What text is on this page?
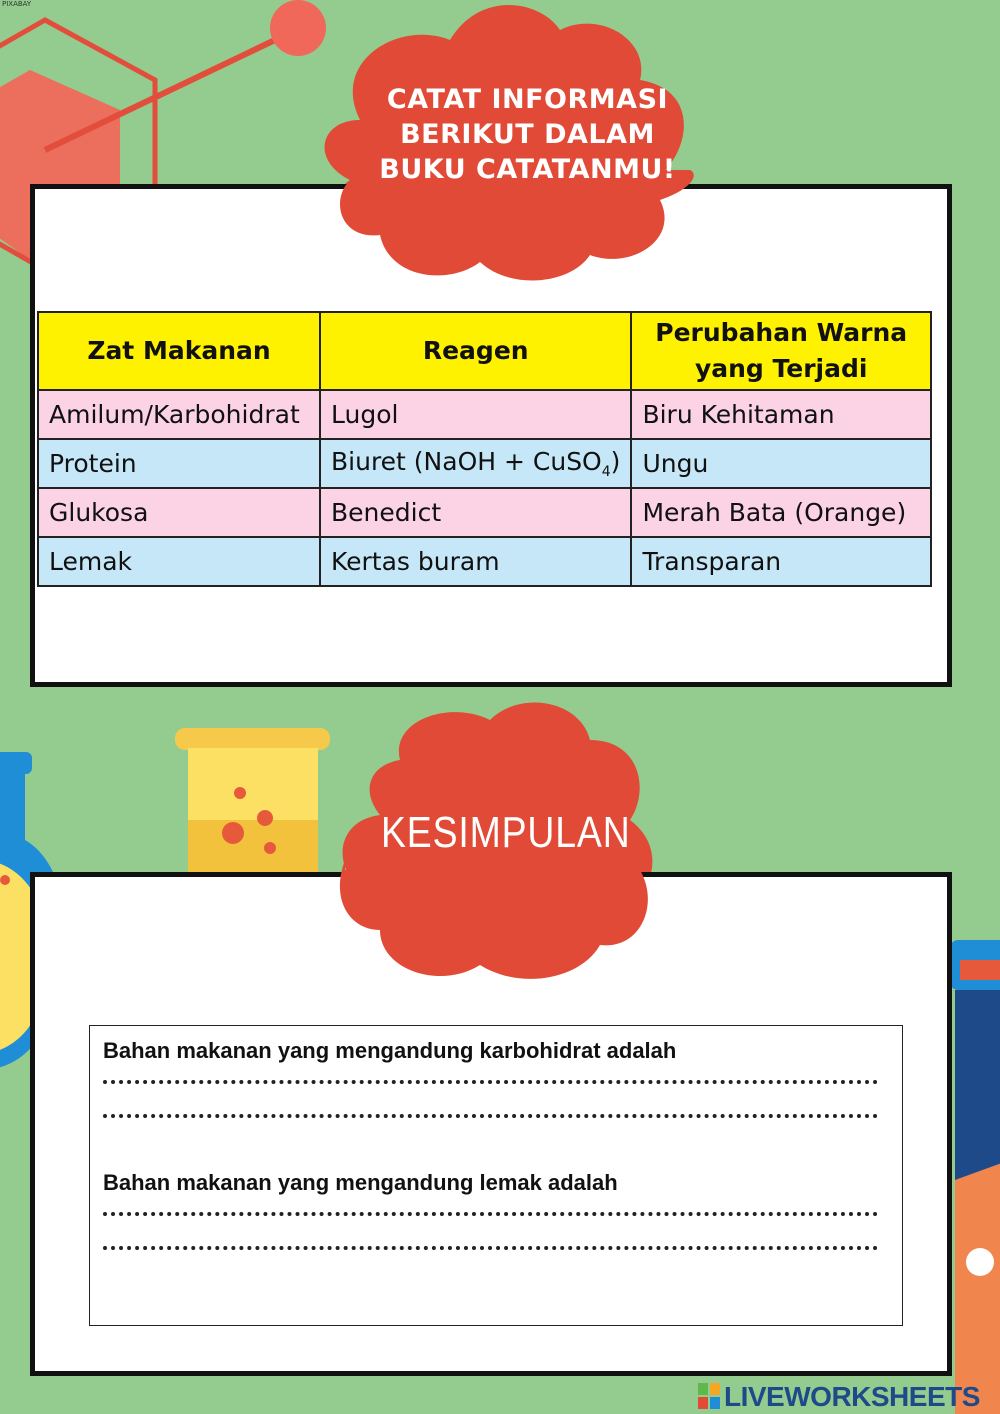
PIXABAY
CATAT INFORMASI
BERIKUT DALAM
BUKU CATATANMU!
KESIMPULAN
Zat Makanan	Reagen	Perubahan Warna yang Terjadi
Amilum/Karbohidrat	Lugol	Biru Kehitaman
Protein	Biuret (NaOH + CuSO$_4$)	Ungu
Glukosa	Benedict	Merah Bata (Orange)
Lemak	Kertas buram	Transparan
Bahan makanan yang mengandung karbohidrat adalah
Bahan makanan yang mengandung lemak adalah
LIVEWORKSHEETS
